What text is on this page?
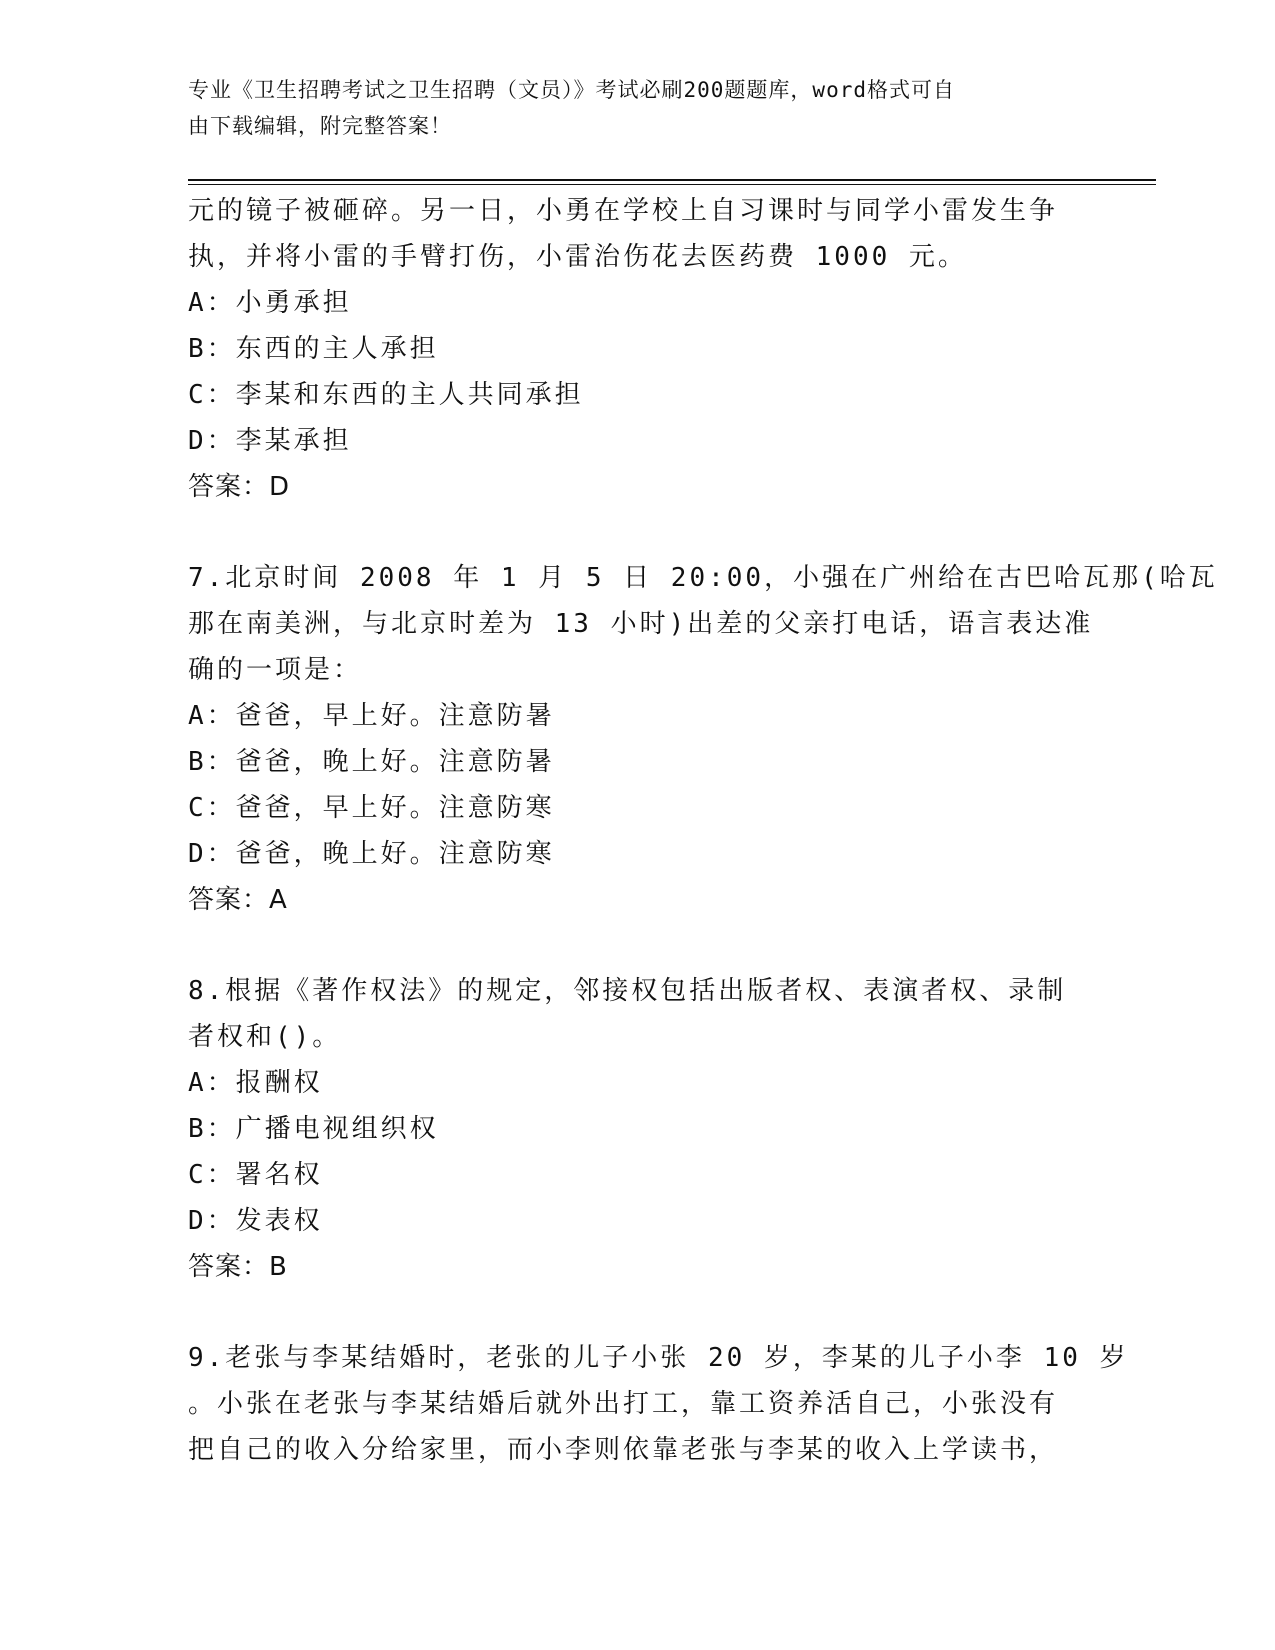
专业《卫生招聘考试之卫生招聘（文员）》考试必刷200题题库，word格式可自
由下载编辑，附完整答案！
元的镜子被砸碎。另一日，小勇在学校上自习课时与同学小雷发生争
执，并将小雷的手臂打伤，小雷治伤花去医药费 1000 元。
A：小勇承担
B：东西的主人承担
C：李某和东西的主人共同承担
D：李某承担
答案：D
7.北京时间 2008 年 1 月 5 日 20:00，小强在广州给在古巴哈瓦那(哈瓦
那在南美洲，与北京时差为 13 小时)出差的父亲打电话，语言表达准
确的一项是：
A：爸爸，早上好。注意防暑
B：爸爸，晚上好。注意防暑
C：爸爸，早上好。注意防寒
D：爸爸，晚上好。注意防寒
答案：A
8.根据《著作权法》的规定，邻接权包括出版者权、表演者权、录制
者权和()。
A：报酬权
B：广播电视组织权
C：署名权
D：发表权
答案：B
9.老张与李某结婚时，老张的儿子小张 20 岁，李某的儿子小李 10 岁
。小张在老张与李某结婚后就外出打工，靠工资养活自己，小张没有
把自己的收入分给家里，而小李则依靠老张与李某的收入上学读书，
